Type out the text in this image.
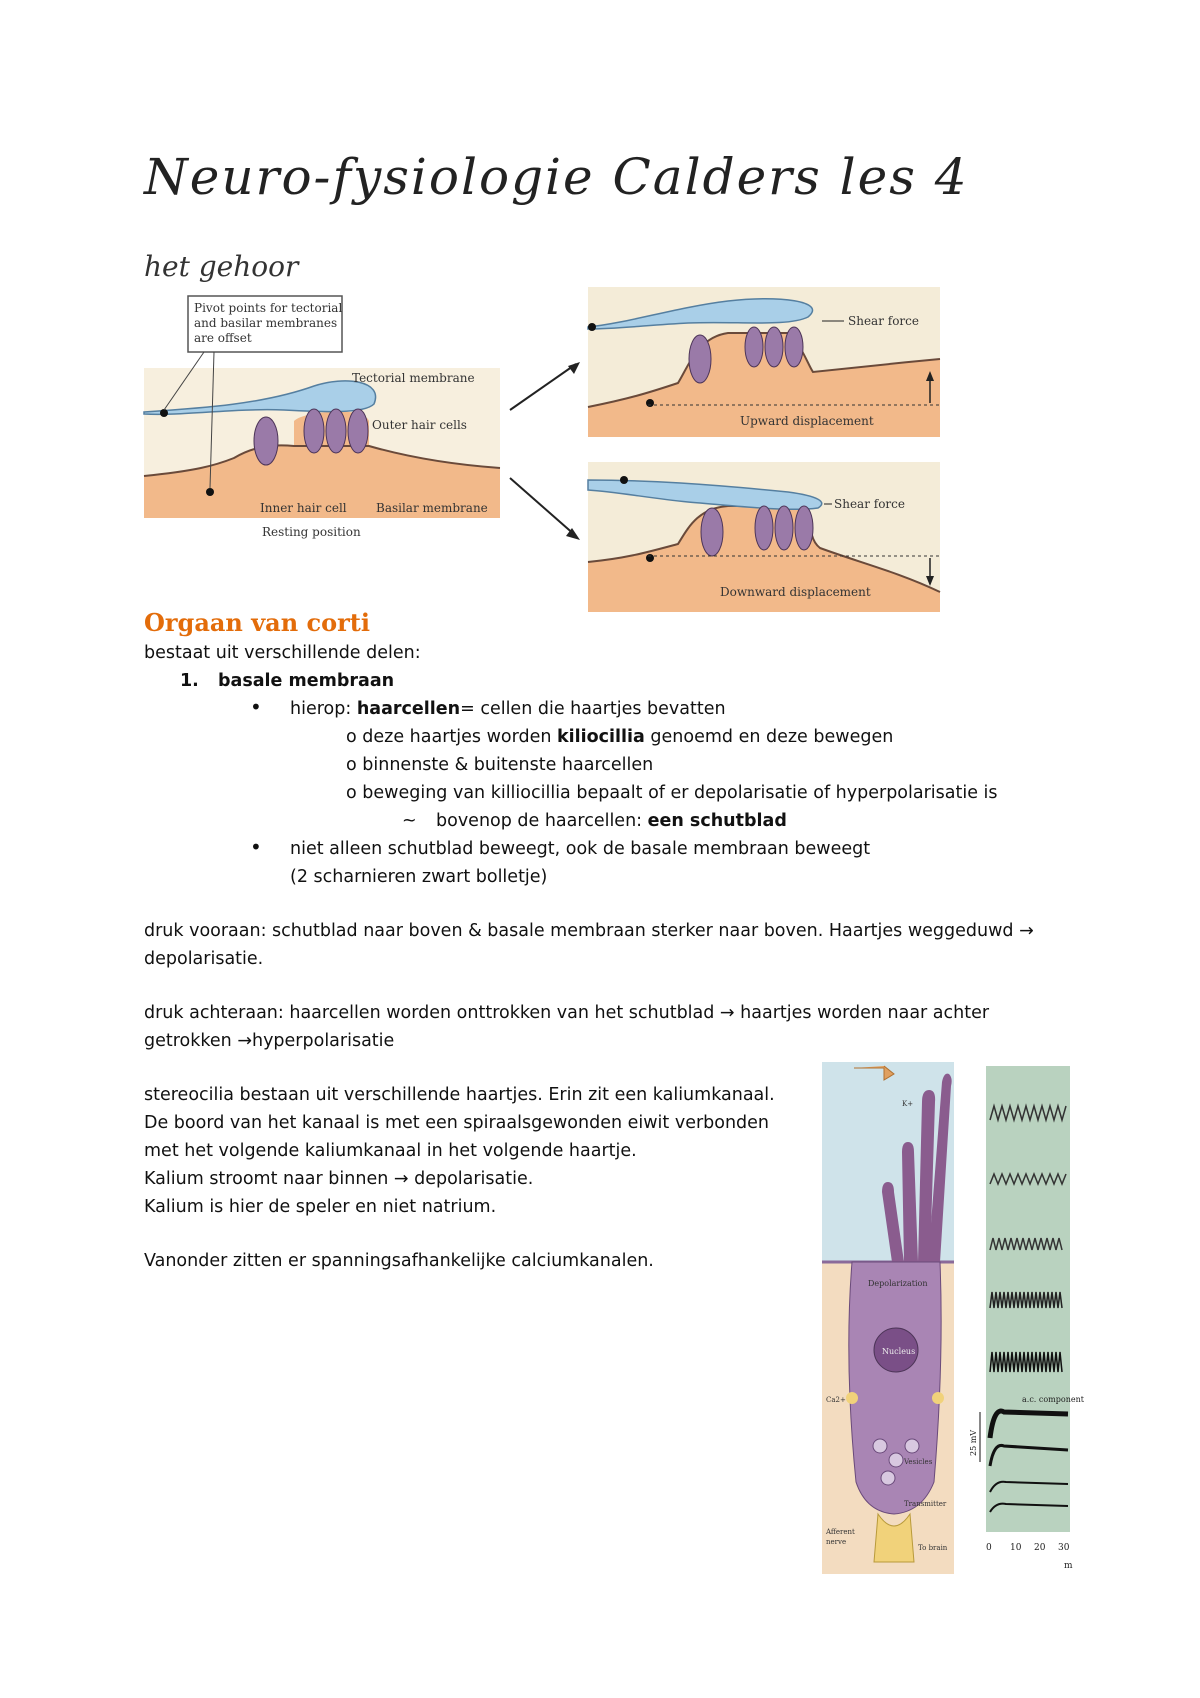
Neuro-fysiologie Calders les 4
het gehoor
Pivot points for tectorial
and basilar membranes
are offset
Tectorial membrane
Outer hair cells
Inner hair cell Basilar membrane
Resting position
Shear force
Upward displacement
Shear force
Downward displacement
Orgaan van corti
bestaat uit verschillende delen:
1. basale membraan
• hierop: haarcellen= cellen die haartjes bevatten
o deze haartjes worden kiliocillia genoemd en deze bewegen
o binnenste & buitenste haarcellen
o beweging van killiocillia bepaalt of er depolarisatie of hyperpolarisatie is
~ bovenop de haarcellen: een schutblad
• niet alleen schutblad beweegt, ook de basale membraan beweegt
(2 scharnieren zwart bolletje)
druk vooraan: schutblad naar boven & basale membraan sterker naar boven. Haartjes weggeduwd →
depolarisatie.
druk achteraan: haarcellen worden onttrokken van het schutblad → haartjes worden naar achter
getrokken →hyperpolarisatie
stereocilia bestaan uit verschillende haartjes. Erin zit een kaliumkanaal.
De boord van het kanaal is met een spiraalsgewonden eiwit verbonden
met het volgende kaliumkanaal in het volgende haartje.
Kalium stroomt naar binnen → depolarisatie.
Kalium is hier de speler en niet natrium.
Vanonder zitten er spanningsafhankelijke calciumkanalen.
Depolarization
Nucleus
Vesicles
Transmitter
Afferent
nerve
To brain
K+
Ca2+	a.c. component
25 mV
0 10 20 30
m
